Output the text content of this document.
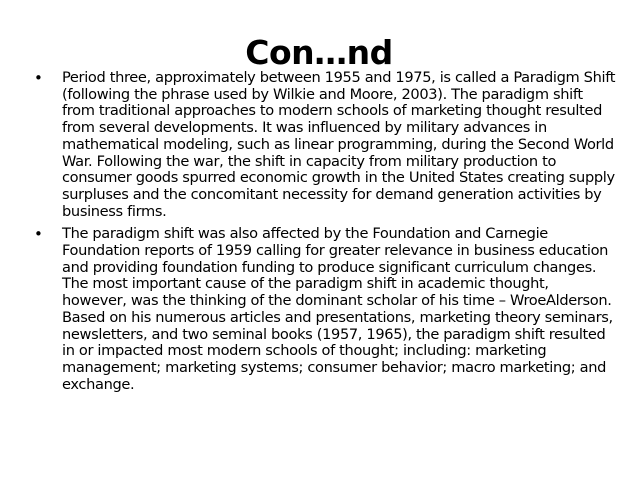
Con…nd
• Period three, approximately between 1955 and 1975, is called a Paradigm Shift (following the phrase used by Wilkie and Moore, 2003). The paradigm shift from traditional approaches to modern schools of marketing thought resulted from several developments. It was influenced by military advances in mathematical modeling, such as linear programming, during the Second World War. Following the war, the shift in capacity from military production to consumer goods spurred economic growth in the United States creating supply surpluses and the concomitant necessity for demand generation activities by business firms.
• The paradigm shift was also affected by the Foundation and Carnegie Foundation reports of 1959 calling for greater relevance in business education and providing foundation funding to produce significant curriculum changes. The most important cause of the paradigm shift in academic thought, however, was the thinking of the dominant scholar of his time – WroeAlderson. Based on his numerous articles and presentations, marketing theory seminars, newsletters, and two seminal books (1957, 1965), the paradigm shift resulted in or impacted most modern schools of thought; including: marketing management; marketing systems; consumer behavior; macro marketing; and exchange.
